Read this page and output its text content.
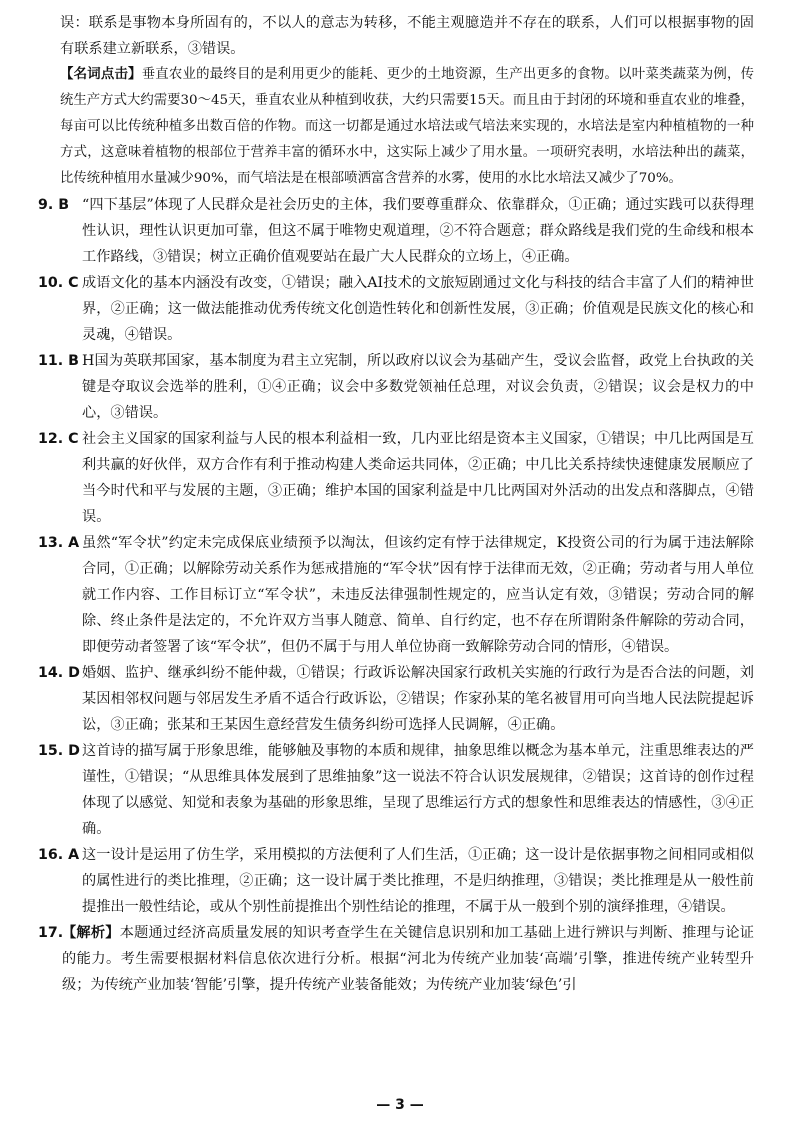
误：联系是事物本身所固有的，不以人的意志为转移，不能主观臆造并不存在的联系，人们可以根据事物的固有联系建立新联系，③错误。

【名词点击】垂直农业的最终目的是利用更少的能耗、更少的土地资源，生产出更多的食物。以叶菜类蔬菜为例，传统生产方式大约需要30～45天，垂直农业从种植到收获，大约只需要15天。而且由于封闭的环境和垂直农业的堆叠，每亩可以比传统种植多出数百倍的作物。而这一切都是通过水培法或气培法来实现的，水培法是室内种植植物的一种方式，这意味着植物的根部位于营养丰富的循环水中，这实际上减少了用水量。一项研究表明，水培法种出的蔬菜，比传统种植用水量减少90%，而气培法是在根部喷洒富含营养的水雾，使用的水比水培法又减少了70%。

9. B “四下基层”体现了人民群众是社会历史的主体，我们要尊重群众、依靠群众，①正确；通过实践可以获得理性认识，理性认识更加可靠，但这不属于唯物史观道理，②不符合题意；群众路线是我们党的生命线和根本工作路线，③错误；树立正确价值观要站在最广大人民群众的立场上，④正确。
10. C 成语文化的基本内涵没有改变，①错误；融入AI技术的文旅短剧通过文化与科技的结合丰富了人们的精神世界，②正确；这一做法能推动优秀传统文化创造性转化和创新性发展，③正确；价值观是民族文化的核心和灵魂，④错误。
11. B H国为英联邦国家，基本制度为君主立宪制，所以政府以议会为基础产生，受议会监督，政党上台执政的关键是夺取议会选举的胜利，①④正确；议会中多数党领袖任总理，对议会负责，②错误；议会是权力的中心，③错误。
12. C 社会主义国家的国家利益与人民的根本利益相一致，几内亚比绍是资本主义国家，①错误；中几比两国是互利共赢的好伙伴，双方合作有利于推动构建人类命运共同体，②正确；中几比关系持续快速健康发展顺应了当今时代和平与发展的主题，③正确；维护本国的国家利益是中几比两国对外活动的出发点和落脚点，④错误。
13. A 虽然“军令状”约定未完成保底业绩预予以淘汰，但该约定有悖于法律规定，K投资公司的行为属于违法解除合同，①正确；以解除劳动关系作为惩戒措施的“军令状”因有悖于法律而无效，②正确；劳动者与用人单位就工作内容、工作目标订立“军令状”，未违反法律强制性规定的，应当认定有效，③错误；劳动合同的解除、终止条件是法定的，不允许双方当事人随意、简单、自行约定，也不存在所谓附条件解除的劳动合同，即便劳动者签署了该“军令状”，但仍不属于与用人单位协商一致解除劳动合同的情形，④错误。
14. D 婚姻、监护、继承纠纷不能仲裁，①错误；行政诉讼解决国家行政机关实施的行政行为是否合法的问题，刘某因相邻权问题与邻居发生矛盾不适合行政诉讼，②错误；作家孙某的笔名被冒用可向当地人民法院提起诉讼，③正确；张某和王某因生意经营发生债务纠纷可选择人民调解，④正确。
15. D 这首诗的描写属于形象思维，能够触及事物的本质和规律，抽象思维以概念为基本单元，注重思维表达的严谨性，①错误；“从思维具体发展到了思维抽象”这一说法不符合认识发展规律，②错误；这首诗的创作过程体现了以感觉、知觉和表象为基础的形象思维，呈现了思维运行方式的想象性和思维表达的情感性，③④正确。
16. A 这一设计是运用了仿生学，采用模拟的方法便利了人们生活，①正确；这一设计是依据事物之间相同或相似的属性进行的类比推理，②正确；这一设计属于类比推理，不是归纳推理，③错误；类比推理是从一般性前提推出一般性结论，或从个别性前提推出个别性结论的推理，不属于从一般到个别的演绎推理，④错误。
17.
【解析】本题通过经济高质量发展的知识考查学生在关键信息识别和加工基础上进行辨识与判断、推理与论证的能力。考生需要根据材料信息依次进行分析。根据“河北为传统产业加装‘高端’引擎，推进传统产业转型升级；为传统产业加装‘智能’引擎，提升传统产业装备能效；为传统产业加装‘绿色’引
— 3 —
